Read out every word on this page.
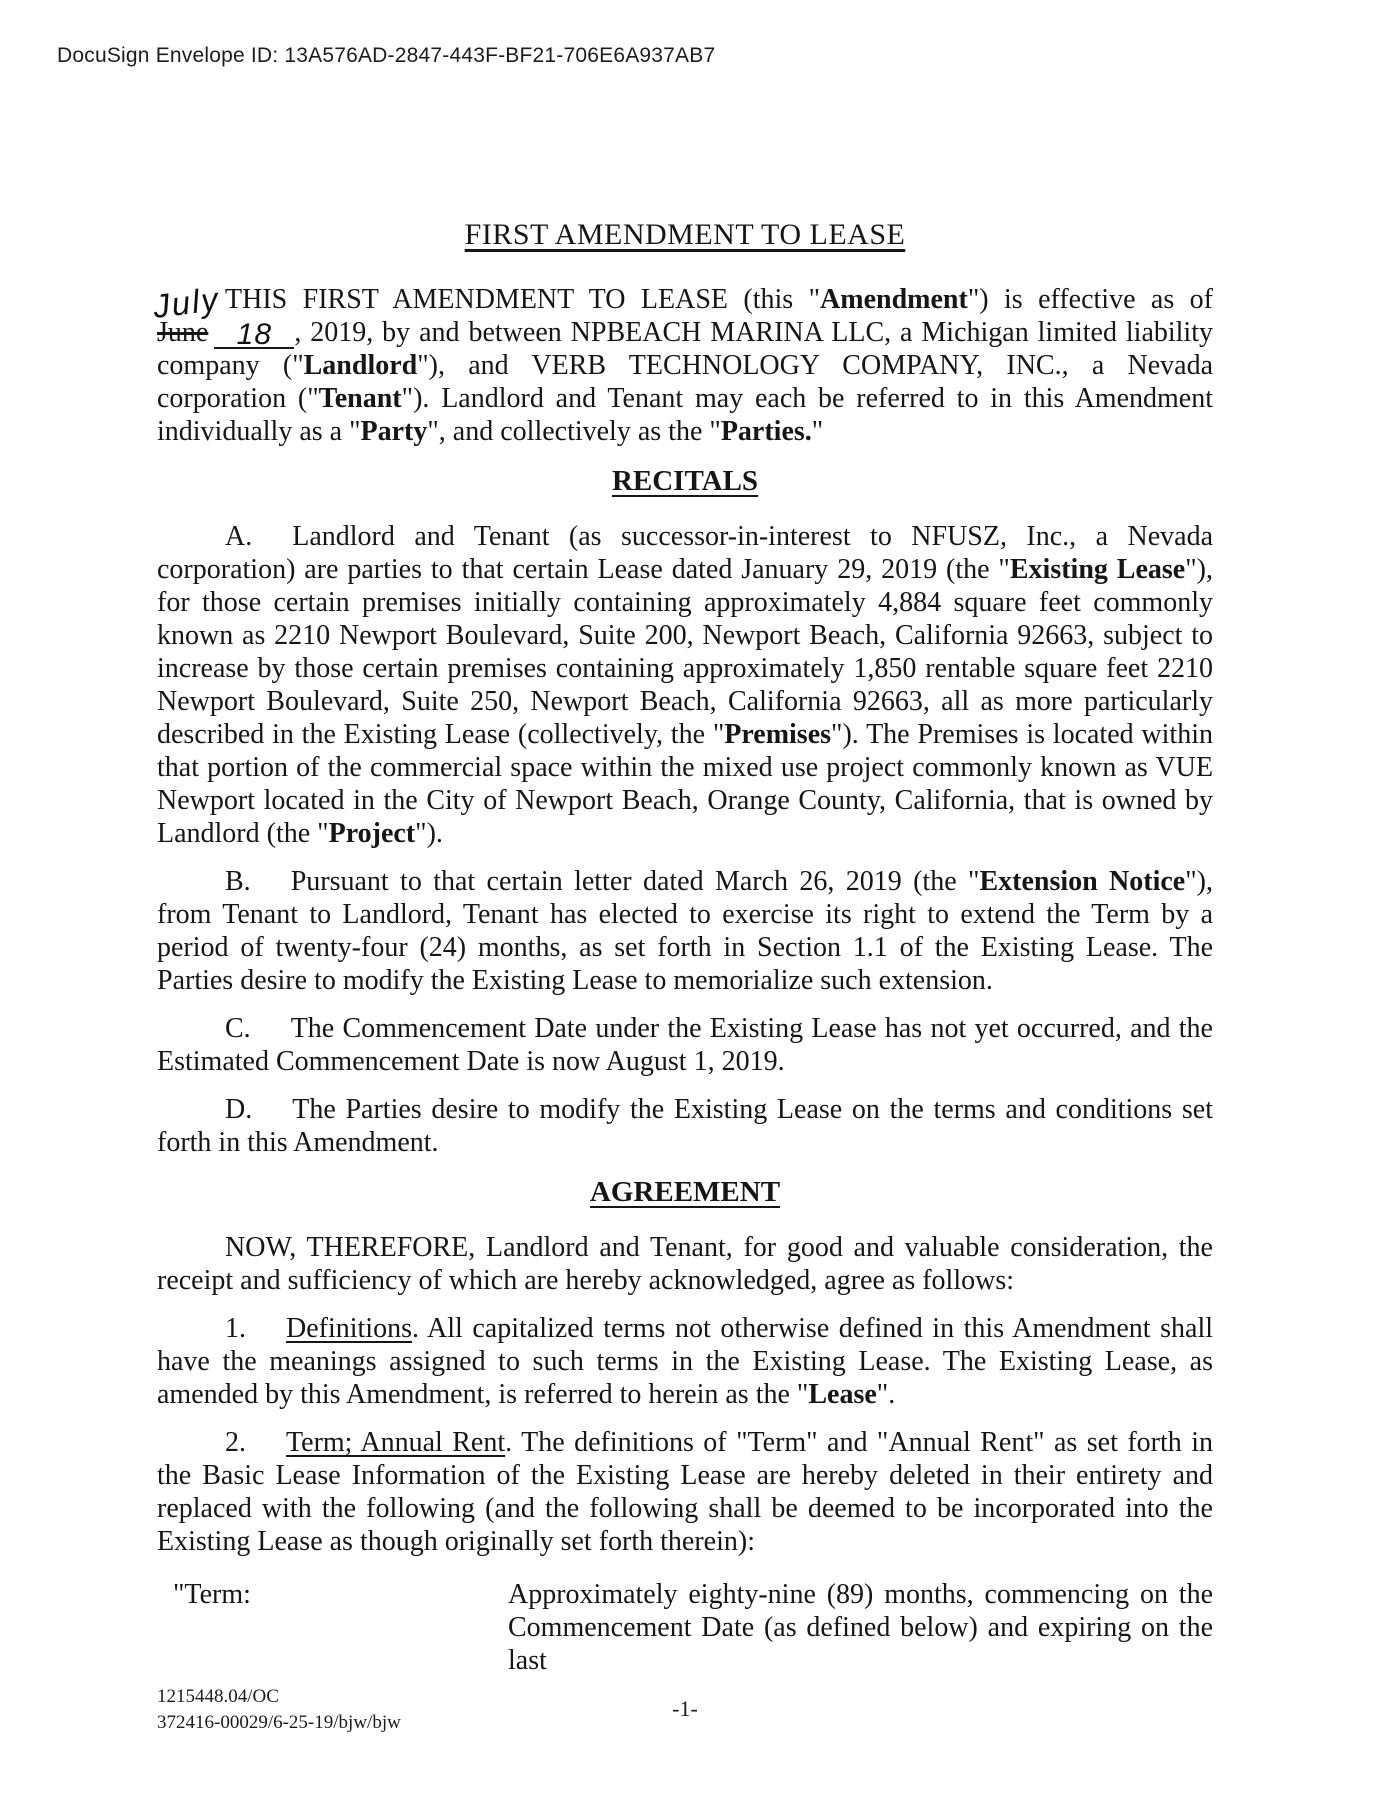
DocuSign Envelope ID: 13A576AD-2847-443F-BF21-706E6A937AB7
FIRST AMENDMENT TO LEASE

THIS FIRST AMENDMENT TO LEASE (this "Amendment") is effective as of
July
June 18 , 2019, by and between NPBEACH MARINA LLC, a Michigan limited liability company ("Landlord"), and VERB TECHNOLOGY COMPANY, INC., a Nevada corporation ("Tenant"). Landlord and Tenant may each be referred to in this Amendment individually as a "Party", and collectively as the "Parties."

RECITALS

A. Landlord and Tenant (as successor-in-interest to NFUSZ, Inc., a Nevada corporation) are parties to that certain Lease dated January 29, 2019 (the "Existing Lease"), for those certain premises initially containing approximately 4,884 square feet commonly known as 2210 Newport Boulevard, Suite 200, Newport Beach, California 92663, subject to increase by those certain premises containing approximately 1,850 rentable square feet 2210 Newport Boulevard, Suite 250, Newport Beach, California 92663, all as more particularly described in the Existing Lease (collectively, the "Premises"). The Premises is located within that portion of the commercial space within the mixed use project commonly known as VUE Newport located in the City of Newport Beach, Orange County, California, that is owned by Landlord (the "Project").

B. Pursuant to that certain letter dated March 26, 2019 (the "Extension Notice"), from Tenant to Landlord, Tenant has elected to exercise its right to extend the Term by a period of twenty-four (24) months, as set forth in Section 1.1 of the Existing Lease. The Parties desire to modify the Existing Lease to memorialize such extension.

C. The Commencement Date under the Existing Lease has not yet occurred, and the Estimated Commencement Date is now August 1, 2019.

D. The Parties desire to modify the Existing Lease on the terms and conditions set forth in this Amendment.

AGREEMENT

NOW, THEREFORE, Landlord and Tenant, for good and valuable consideration, the receipt and sufficiency of which are hereby acknowledged, agree as follows:

1. Definitions. All capitalized terms not otherwise defined in this Amendment shall have the meanings assigned to such terms in the Existing Lease. The Existing Lease, as amended by this Amendment, is referred to herein as the "Lease".

2. Term; Annual Rent. The definitions of "Term" and "Annual Rent" as set forth in the Basic Lease Information of the Existing Lease are hereby deleted in their entirety and replaced with the following (and the following shall be deemed to be incorporated into the Existing Lease as though originally set forth therein):

"Term:	Approximately eighty-nine (89) months, commencing on the Commencement Date (as defined below) and expiring on the last
1215448.04/OC
372416-00029/6-25-19/bjw/bjw
-1-
